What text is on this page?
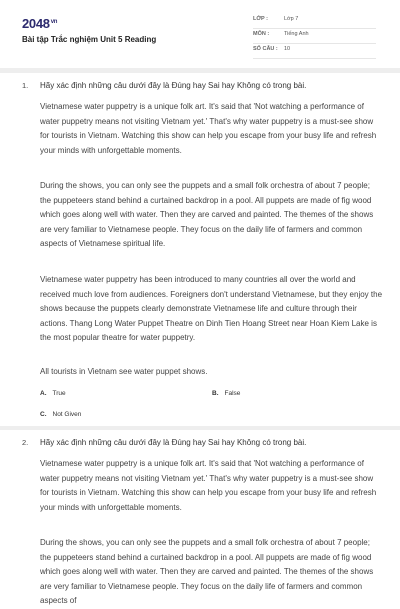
$2048^{vn}$
Bài tập Trắc nghiệm Unit 5 Reading
LỚP :	Lớp 7
MÔN :	Tiếng Anh
SỐ CÂU : 10
1. Hãy xác định những câu dưới đây là Đúng hay Sai hay Không có trong bài.

Vietnamese water puppetry is a unique folk art. It's said that 'Not watching a performance of water puppetry means not visiting Vietnam yet.' That's why water puppetry is a must-see show for tourists in Vietnam. Watching this show can help you escape from your busy life and refresh your minds with unforgettable moments.

During the shows, you can only see the puppets and a small folk orchestra of about 7 people; the puppeteers stand behind a curtained backdrop in a pool. All puppets are made of fig wood which goes along well with water. Then they are carved and painted. The themes of the shows are very familiar to Vietnamese people. They focus on the daily life of farmers and common aspects of Vietnamese spiritual life.

Vietnamese water puppetry has been introduced to many countries all over the world and received much love from audiences. Foreigners don't understand Vietnamese, but they enjoy the shows because the puppets clearly demonstrate Vietnamese life and culture through their actions. Thang Long Water Puppet Theatre on Dinh Tien Hoang Street near Hoan Kiem Lake is the most popular theatre for water puppetry.

All tourists in Vietnam see water puppet shows.
A. True	B. False
C. Not Given
2. Hãy xác định những câu dưới đây là Đúng hay Sai hay Không có trong bài.

Vietnamese water puppetry is a unique folk art. It's said that 'Not watching a performance of water puppetry means not visiting Vietnam yet.' That's why water puppetry is a must-see show for tourists in Vietnam. Watching this show can help you escape from your busy life and refresh your minds with unforgettable moments.

During the shows, you can only see the puppets and a small folk orchestra of about 7 people; the puppeteers stand behind a curtained backdrop in a pool. All puppets are made of fig wood which goes along well with water. Then they are carved and painted. The themes of the shows are very familiar to Vietnamese people. They focus on the daily life of farmers and common aspects of
